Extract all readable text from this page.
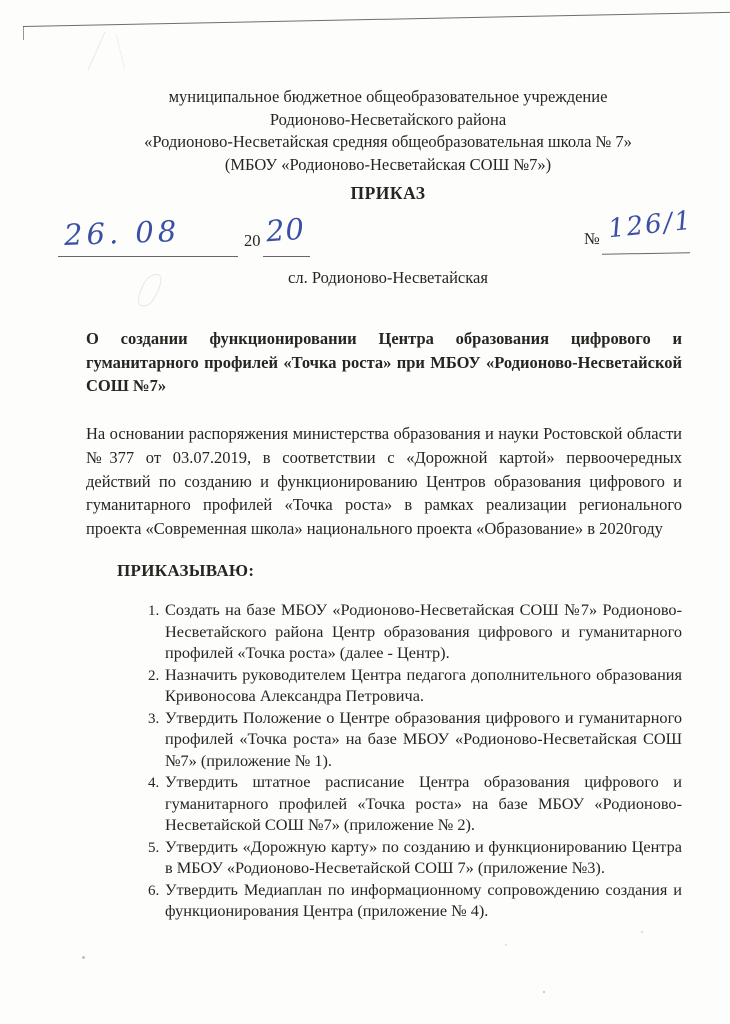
муниципальное бюджетное общеобразовательное учреждение
Родионово-Несветайского района
«Родионово-Несветайская средняя общеобразовательная школа № 7»
(МБОУ «Родионово-Несветайская СОШ №7»)
ПРИКАЗ
26. 08	20 20	№ 126/1
сл. Родионово-Несветайская
О создании функционировании Центра образования цифрового и гуманитарного профилей «Точка роста» при МБОУ «Родионово-Несветайской СОШ №7»
На основании распоряжения министерства образования и науки Ростовской области №377 от 03.07.2019, в соответствии с «Дорожной картой» первоочередных действий по созданию и функционированию Центров образования цифрового и гуманитарного профилей «Точка роста» в рамках реализации регионального проекта «Современная школа» национального проекта «Образование» в 2020году
ПРИКАЗЫВАЮ:
1. Создать на базе МБОУ «Родионово-Несветайская СОШ №7» Родионово-Несветайского района Центр образования цифрового и гуманитарного профилей «Точка роста» (далее - Центр).
2. Назначить руководителем Центра педагога дополнительного образования Кривоносова Александра Петровича.
3. Утвердить Положение о Центре образования цифрового и гуманитарного профилей «Точка роста» на базе МБОУ «Родионово-Несветайская СОШ №7» (приложение № 1).
4. Утвердить штатное расписание Центра образования цифрового и гуманитарного профилей «Точка роста» на базе МБОУ «Родионово-Несветайской СОШ №7» (приложение № 2).
5. Утвердить «Дорожную карту» по созданию и функционированию Центра в МБОУ «Родионово-Несветайской СОШ 7» (приложение №3).
6. Утвердить Медиаплан по информационному сопровождению создания и функционирования Центра (приложение № 4).
